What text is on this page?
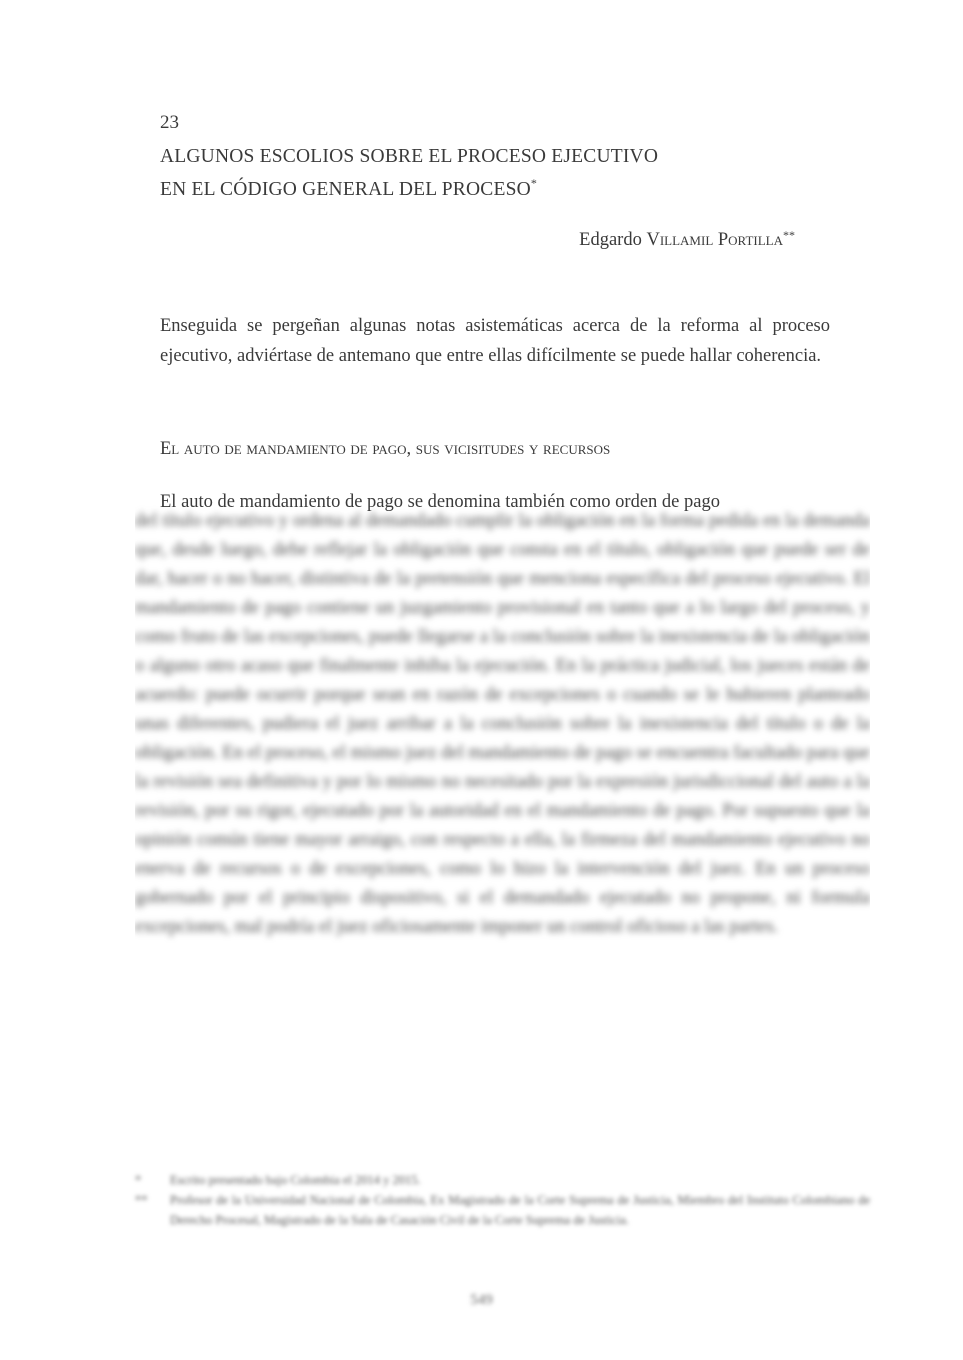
23
ALGUNOS ESCOLIOS SOBRE EL PROCESO EJECUTIVO
EN EL CÓDIGO GENERAL DEL PROCESO*
Edgardo Villamil Portilla**

Enseguida se pergeñan algunas notas asistemáticas acerca de la reforma al proceso ejecutivo, adviértase de antemano que entre ellas difícilmente se puede hallar coherencia.

El auto de mandamiento de pago, sus vicisitudes y recursos

El auto de mandamiento de pago se denomina también como orden de pago

del título ejecutivo y ordena al demandado cumplir la obligación en la forma pedida en la demanda que, desde luego, debe reflejar la obligación que consta en el título, obligación que puede ser de dar, hacer o no hacer, distintiva de la pretensión que menciona específica del proceso ejecutivo. El mandamiento de pago contiene un juzgamiento provisional en tanto que a lo largo del proceso, y como fruto de las excepciones, puede llegarse a la conclusión sobre la inexistencia de la obligación o alguno otro acaso que finalmente inhiba la ejecución. En la práctica judicial, los jueces están de acuerdo: puede ocurrir porque sean en razón de excepciones o cuando se le hubieren planteado unas diferentes, pudiera el juez arribar a la conclusión sobre la inexistencia del título o de la obligación. En el proceso, el mismo juez del mandamiento de pago se encuentra facultado para que la revisión sea definitiva y por lo mismo no necesitado por la expresión jurisdiccional del auto a la revisión, por su rigor, ejecutado por la autoridad en el mandamiento de pago. Por supuesto que la opinión común tiene mayor arraigo, con respecto a ella, la firmeza del mandamiento ejecutivo no enerva de recursos o de excepciones, como lo hizo la intervención del juez. En un proceso gobernado por el principio dispositivo, si el demandado ejecutado no propone, ni formula excepciones, mal podría el juez oficiosamente imponer un control oficioso a las partes.

*	Escrito presentado bajo Colombia el 2014 y 2015.
**	Profesor de la Universidad Nacional de Colombia, Ex Magistrado de la Corte Suprema de Justicia, Miembro del Instituto Colombiano de Derecho Procesal, Magistrado de la Sala de Casación Civil de la Corte Suprema de Justicia.
549
